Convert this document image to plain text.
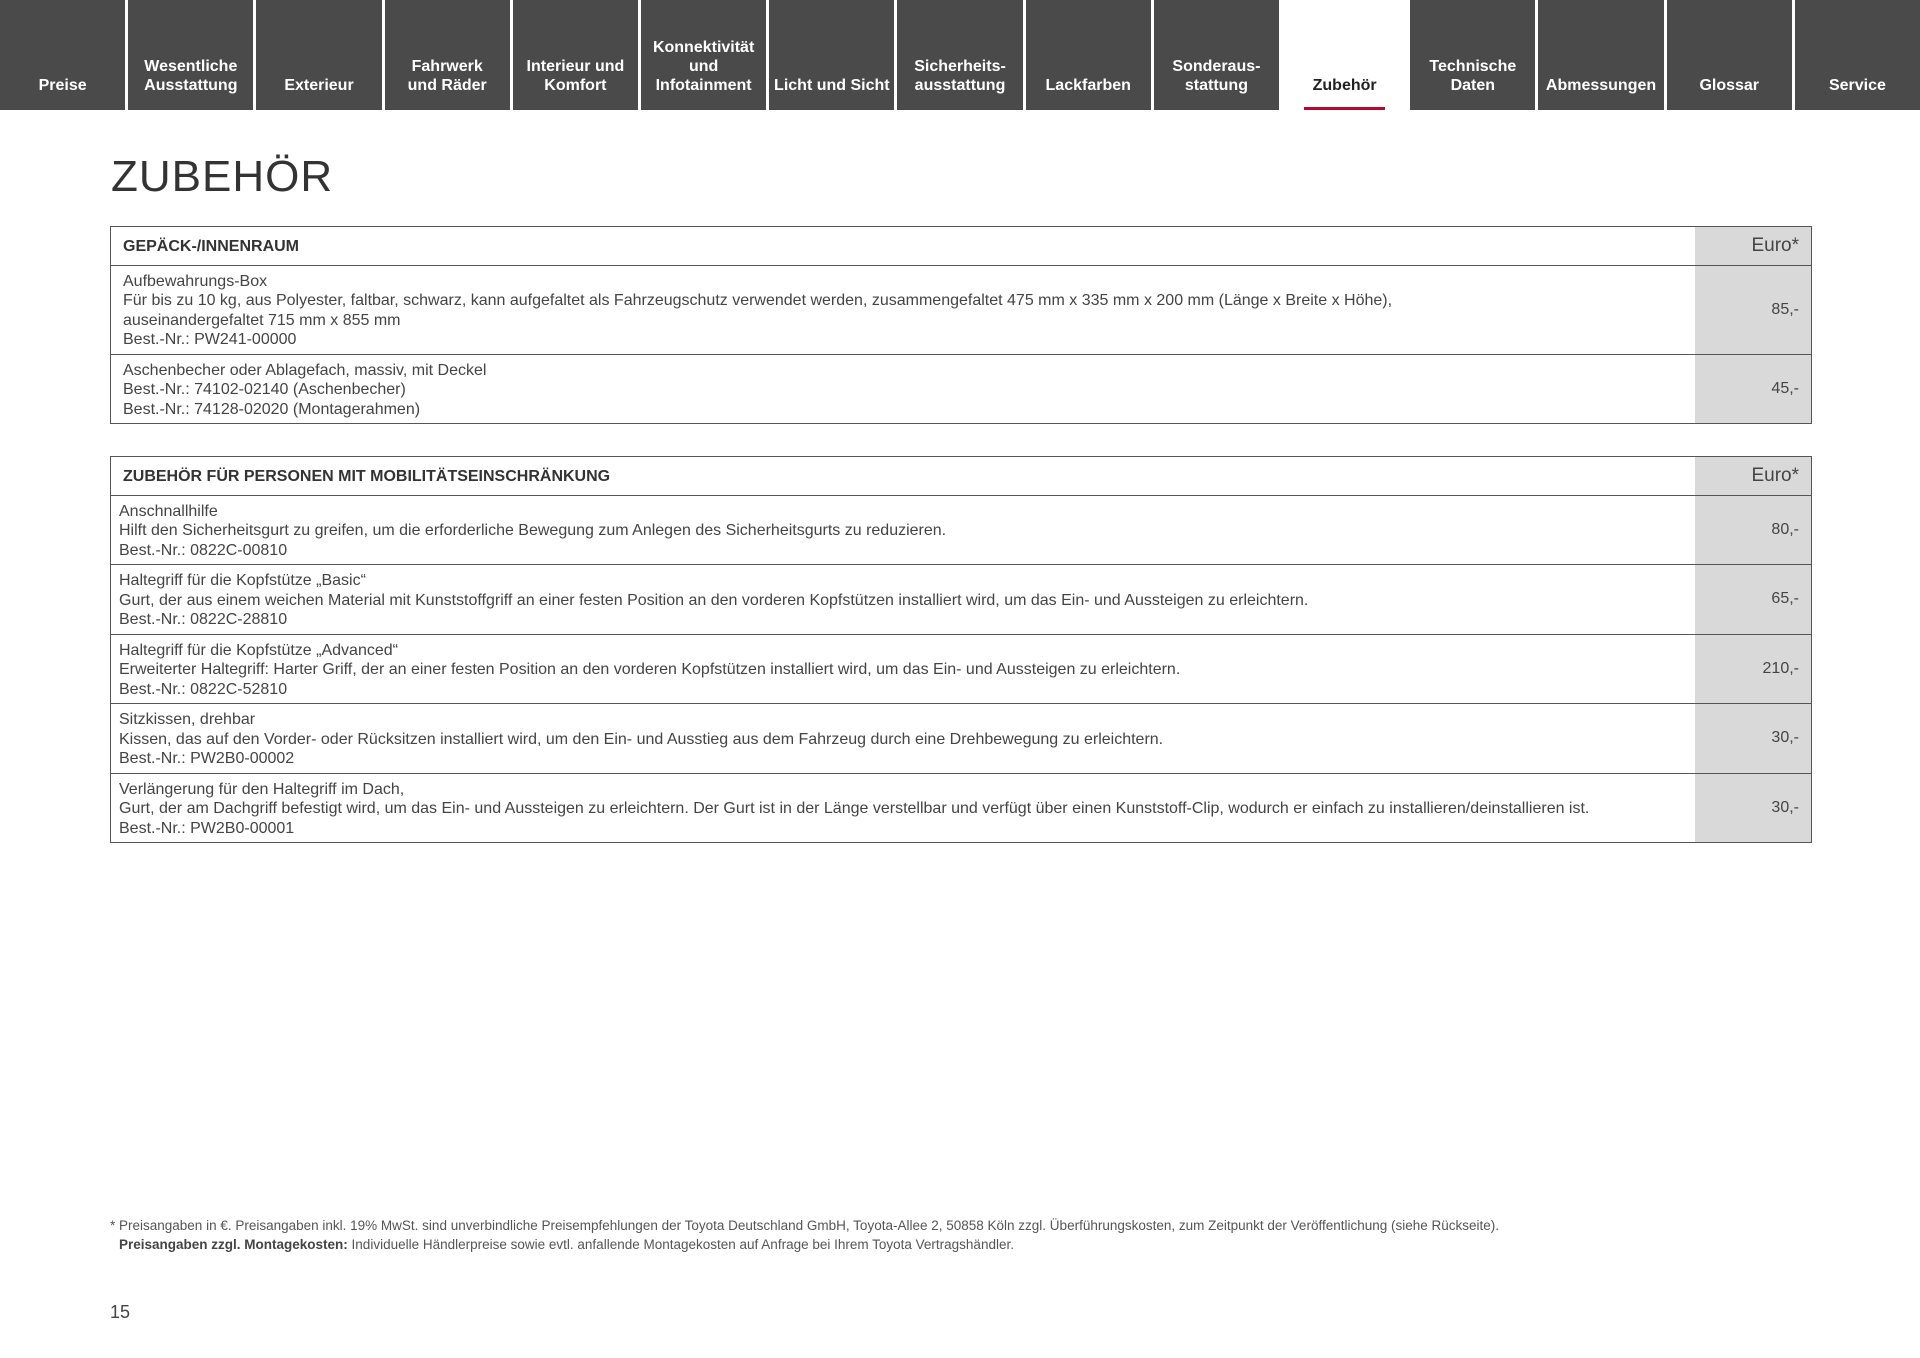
Preise
Wesentliche
Ausstattung	Exterieur
Fahrwerk
und Räder
Interieur und
Komfort
Konnektivität
und
Infotainment Licht und Sicht
Sicherheits-
ausstattung	Lackfarben
Sonderaus-
stattung	Zubehör
Technische
Daten	Abmessungen	Glossar	Service
ZUBEHÖR
GEPÄCK-/INNENRAUM	Euro*
Aufbewahrungs-Box
Für bis zu 10 kg, aus Polyester, faltbar, schwarz, kann aufgefaltet als Fahrzeugschutz verwendet werden, zusammengefaltet 475 mm x 335 mm x 200 mm (Länge x Breite x Höhe),
auseinandergefaltet 715 mm x 855 mm
Best.-Nr.: PW241-00000
85,-
Aschenbecher oder Ablagefach, massiv, mit Deckel
Best.-Nr.: 74102-02140 (Aschenbecher)
Best.-Nr.: 74128-02020 (Montagerahmen)
45,-
ZUBEHÖR FÜR PERSONEN MIT MOBILITÄTSEINSCHRÄNKUNG	Euro*
Anschnallhilfe
Hilft den Sicherheitsgurt zu greifen, um die erforderliche Bewegung zum Anlegen des Sicherheitsgurts zu reduzieren.
Best.-Nr.: 0822C-00810
80,-
Haltegriff für die Kopfstütze „Basic“
Gurt, der aus einem weichen Material mit Kunststoffgriff an einer festen Position an den vorderen Kopfstützen installiert wird, um das Ein- und Aussteigen zu erleichtern.
Best.-Nr.: 0822C-28810
65,-
Haltegriff für die Kopfstütze „Advanced“
Erweiterter Haltegriff: Harter Griff, der an einer festen Position an den vorderen Kopfstützen installiert wird, um das Ein- und Aussteigen zu erleichtern.
Best.-Nr.: 0822C-52810
210,-
Sitzkissen, drehbar
Kissen, das auf den Vorder- oder Rücksitzen installiert wird, um den Ein- und Ausstieg aus dem Fahrzeug durch eine Drehbewegung zu erleichtern.
Best.-Nr.: PW2B0-00002
30,-
Verlängerung für den Haltegriff im Dach,
Gurt, der am Dachgriff befestigt wird, um das Ein- und Aussteigen zu erleichtern. Der Gurt ist in der Länge verstellbar und verfügt über einen Kunststoff-Clip, wodurch er einfach zu installieren/deinstallieren ist.
Best.-Nr.: PW2B0-00001
30,-
* Preisangaben in €. Preisangaben inkl. 19% MwSt. sind unverbindliche Preisempfehlungen der Toyota Deutschland GmbH, Toyota-Allee 2, 50858 Köln zzgl. Überführungskosten, zum Zeitpunkt der Veröffentlichung (siehe Rückseite).
Preisangaben zzgl. Montagekosten: Individuelle Händlerpreise sowie evtl. anfallende Montagekosten auf Anfrage bei Ihrem Toyota Vertragshändler.
15
